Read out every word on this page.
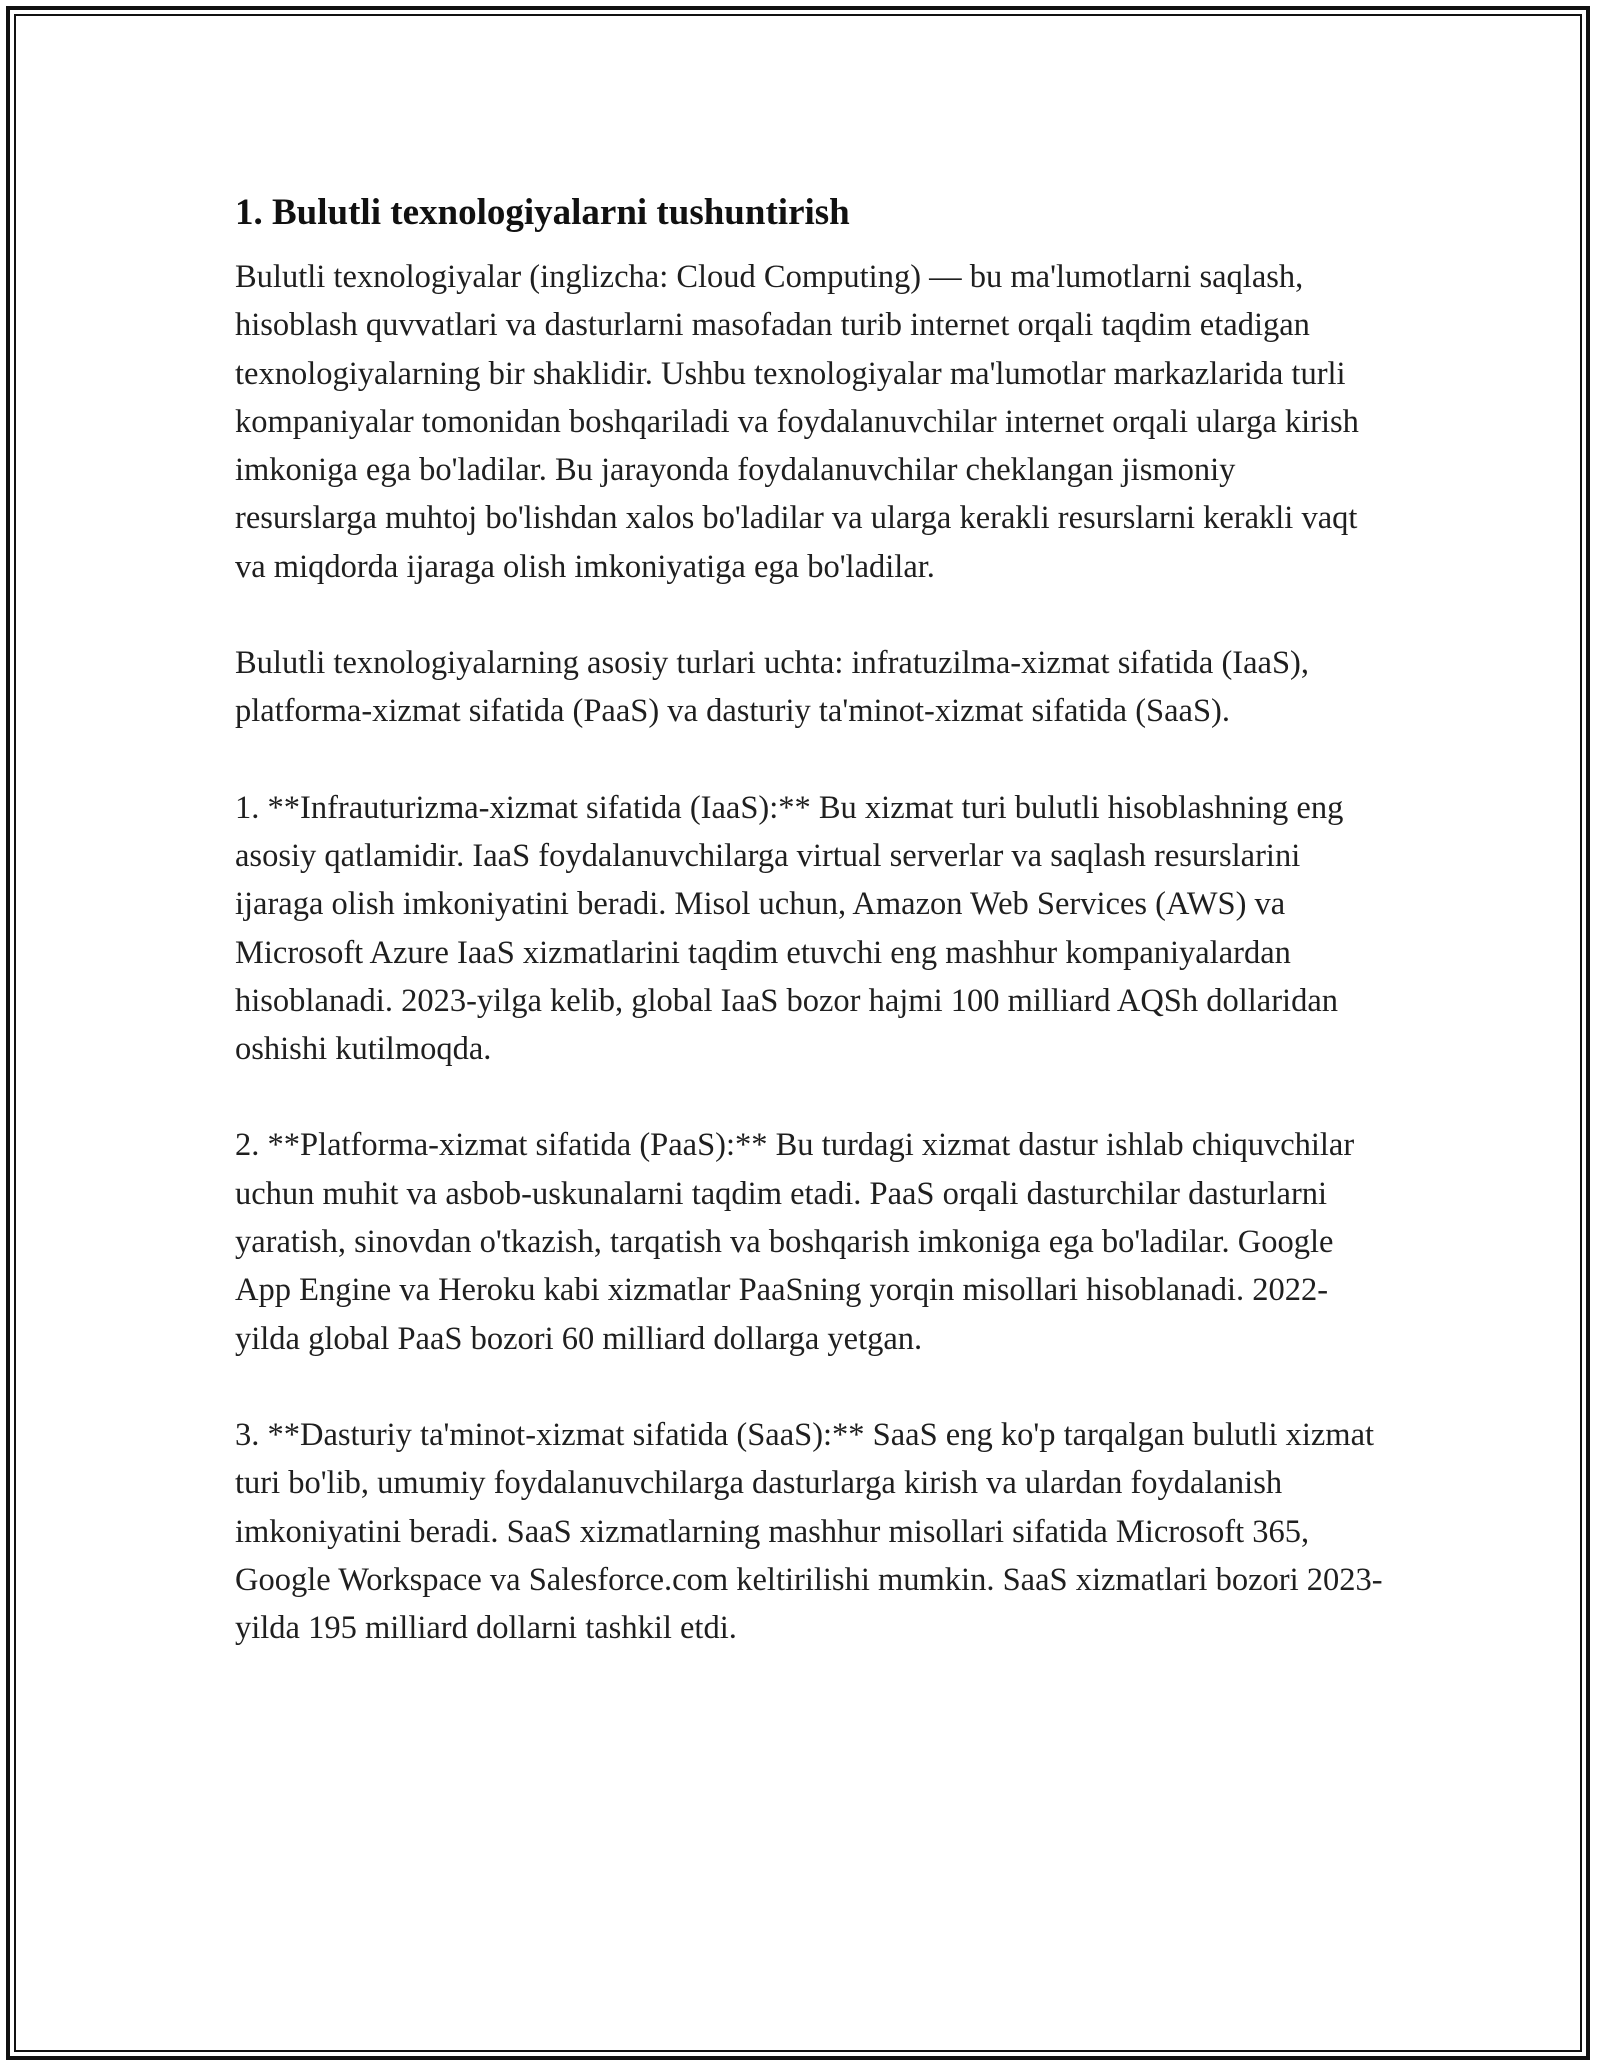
1. Bulutli texnologiyalarni tushuntirish

Bulutli texnologiyalar (inglizcha: Cloud Computing) — bu ma'lumotlarni saqlash, hisoblash quvvatlari va dasturlarni masofadan turib internet orqali taqdim etadigan texnologiyalarning bir shaklidir. Ushbu texnologiyalar ma'lumotlar markazlarida turli kompaniyalar tomonidan boshqariladi va foydalanuvchilar internet orqali ularga kirish imkoniga ega bo'ladilar. Bu jarayonda foydalanuvchilar cheklangan jismoniy resurslarga muhtoj bo'lishdan xalos bo'ladilar va ularga kerakli resurslarni kerakli vaqt va miqdorda ijaraga olish imkoniyatiga ega bo'ladilar.

Bulutli texnologiyalarning asosiy turlari uchta: infratuzilma-xizmat sifatida (IaaS), platforma-xizmat sifatida (PaaS) va dasturiy ta'minot-xizmat sifatida (SaaS).

1. **Infrauturizma-xizmat sifatida (IaaS):** Bu xizmat turi bulutli hisoblashning eng asosiy qatlamidir. IaaS foydalanuvchilarga virtual serverlar va saqlash resurslarini ijaraga olish imkoniyatini beradi. Misol uchun, Amazon Web Services (AWS) va Microsoft Azure IaaS xizmatlarini taqdim etuvchi eng mashhur kompaniyalardan hisoblanadi. 2023-yilga kelib, global IaaS bozor hajmi 100 milliard AQSh dollaridan oshishi kutilmoqda.

2. **Platforma-xizmat sifatida (PaaS):** Bu turdagi xizmat dastur ishlab chiquvchilar uchun muhit va asbob-uskunalarni taqdim etadi. PaaS orqali dasturchilar dasturlarni yaratish, sinovdan o'tkazish, tarqatish va boshqarish imkoniga ega bo'ladilar. Google App Engine va Heroku kabi xizmatlar PaaSning yorqin misollari hisoblanadi. 2022-yilda global PaaS bozori 60 milliard dollarga yetgan.

3. **Dasturiy ta'minot-xizmat sifatida (SaaS):** SaaS eng ko'p tarqalgan bulutli xizmat turi bo'lib, umumiy foydalanuvchilarga dasturlarga kirish va ulardan foydalanish imkoniyatini beradi. SaaS xizmatlarning mashhur misollari sifatida Microsoft 365, Google Workspace va Salesforce.com keltirilishi mumkin. SaaS xizmatlari bozori 2023-yilda 195 milliard dollarni tashkil etdi.
